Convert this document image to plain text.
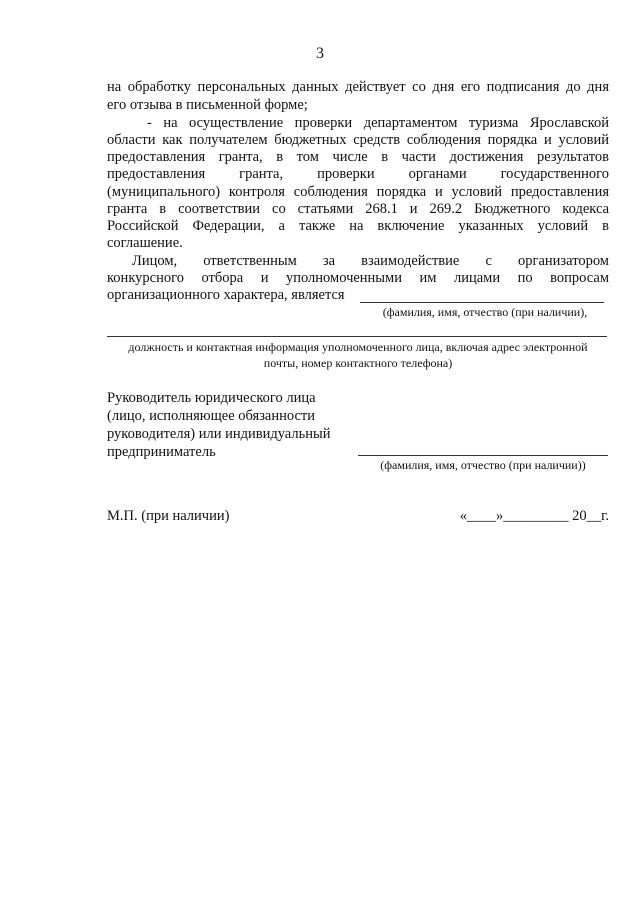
3
на обработку персональных данных действует со дня его подписания до дня
его отзыва в письменной форме;
- на осуществление проверки департаментом туризма Ярославской
области как получателем бюджетных средств соблюдения порядка и условий
предоставления гранта, в том числе в части достижения результатов
предоставления гранта, проверки органами государственного
(муниципального) контроля соблюдения порядка и условий предоставления
гранта в соответствии со статьями 268.1 и 269.2 Бюджетного кодекса
Российской Федерации, а также на включение указанных условий в
соглашение.
Лицом, ответственным за взаимодействие с организатором
конкурсного отбора и уполномоченными им лицами по вопросам
организационного характера, является
(фамилия, имя, отчество (при наличии),
должность и контактная информация уполномоченного лица, включая адрес электронной
почты, номер контактного телефона)
Руководитель юридического лица
(лицо, исполняющее обязанности
руководителя) или индивидуальный
предприниматель
(фамилия, имя, отчество (при наличии))
М.П. (при наличии)	«____»_________ 20__г.
